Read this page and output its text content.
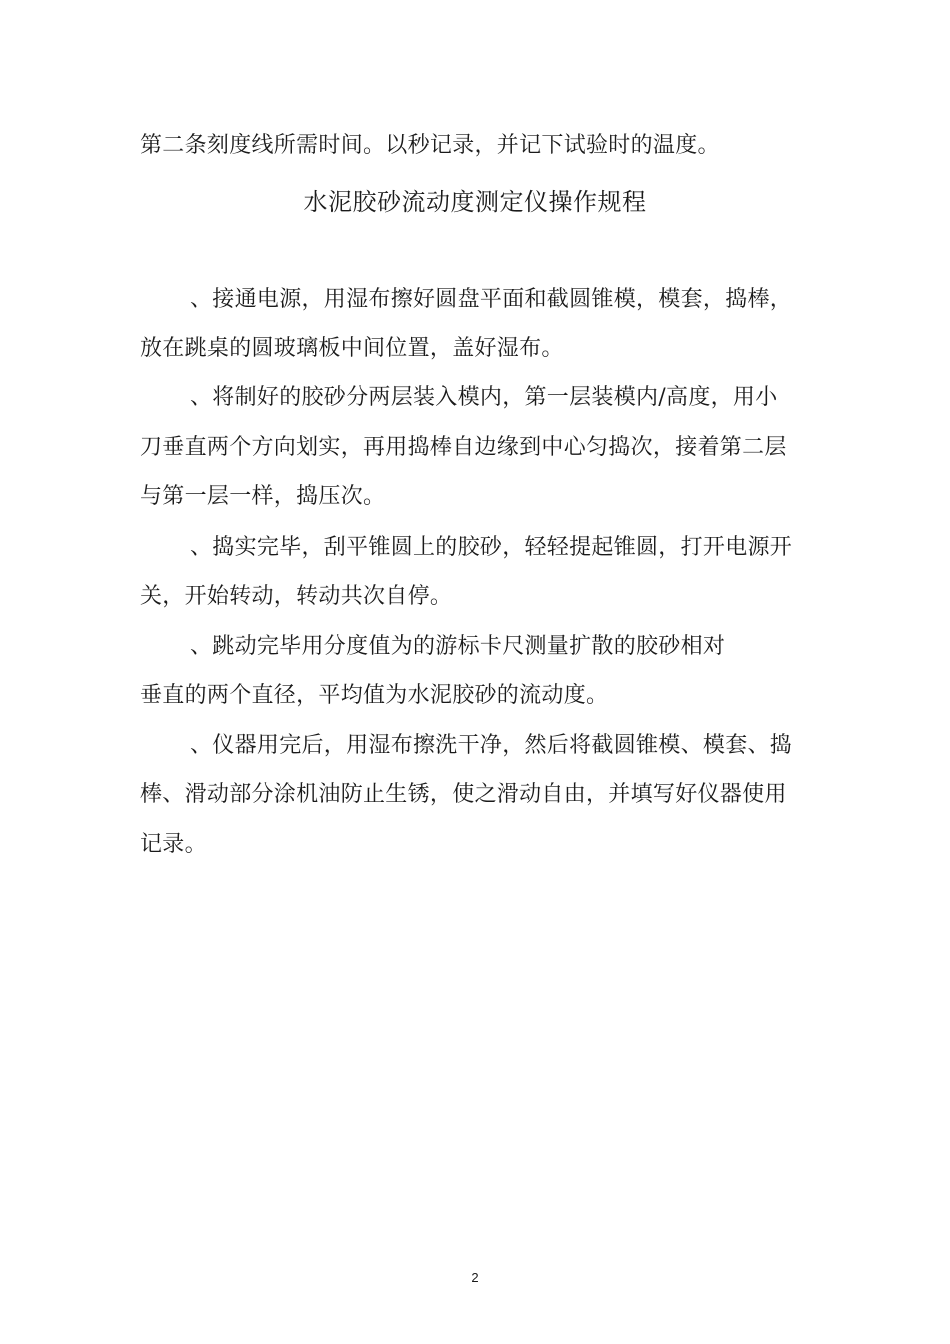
第二条刻度线所需时间。以秒记录，并记下试验时的温度。
水泥胶砂流动度测定仪操作规程
、接通电源，用湿布擦好圆盘平面和截圆锥模，模套，捣棒，
放在跳桌的圆玻璃板中间位置，盖好湿布。
、将制好的胶砂分两层装入模内，第一层装模内/高度，用小
刀垂直两个方向划实，再用捣棒自边缘到中心匀捣次，接着第二层
与第一层一样，捣压次。
、捣实完毕，刮平锥圆上的胶砂，轻轻提起锥圆，打开电源开
关，开始转动，转动共次自停。
、跳动完毕用分度值为的游标卡尺测量扩散的胶砂相对
垂直的两个直径，平均值为水泥胶砂的流动度。
、仪器用完后，用湿布擦洗干净，然后将截圆锥模、模套、捣
棒、滑动部分涂机油防止生锈，使之滑动自由，并填写好仪器使用
记录。
2
